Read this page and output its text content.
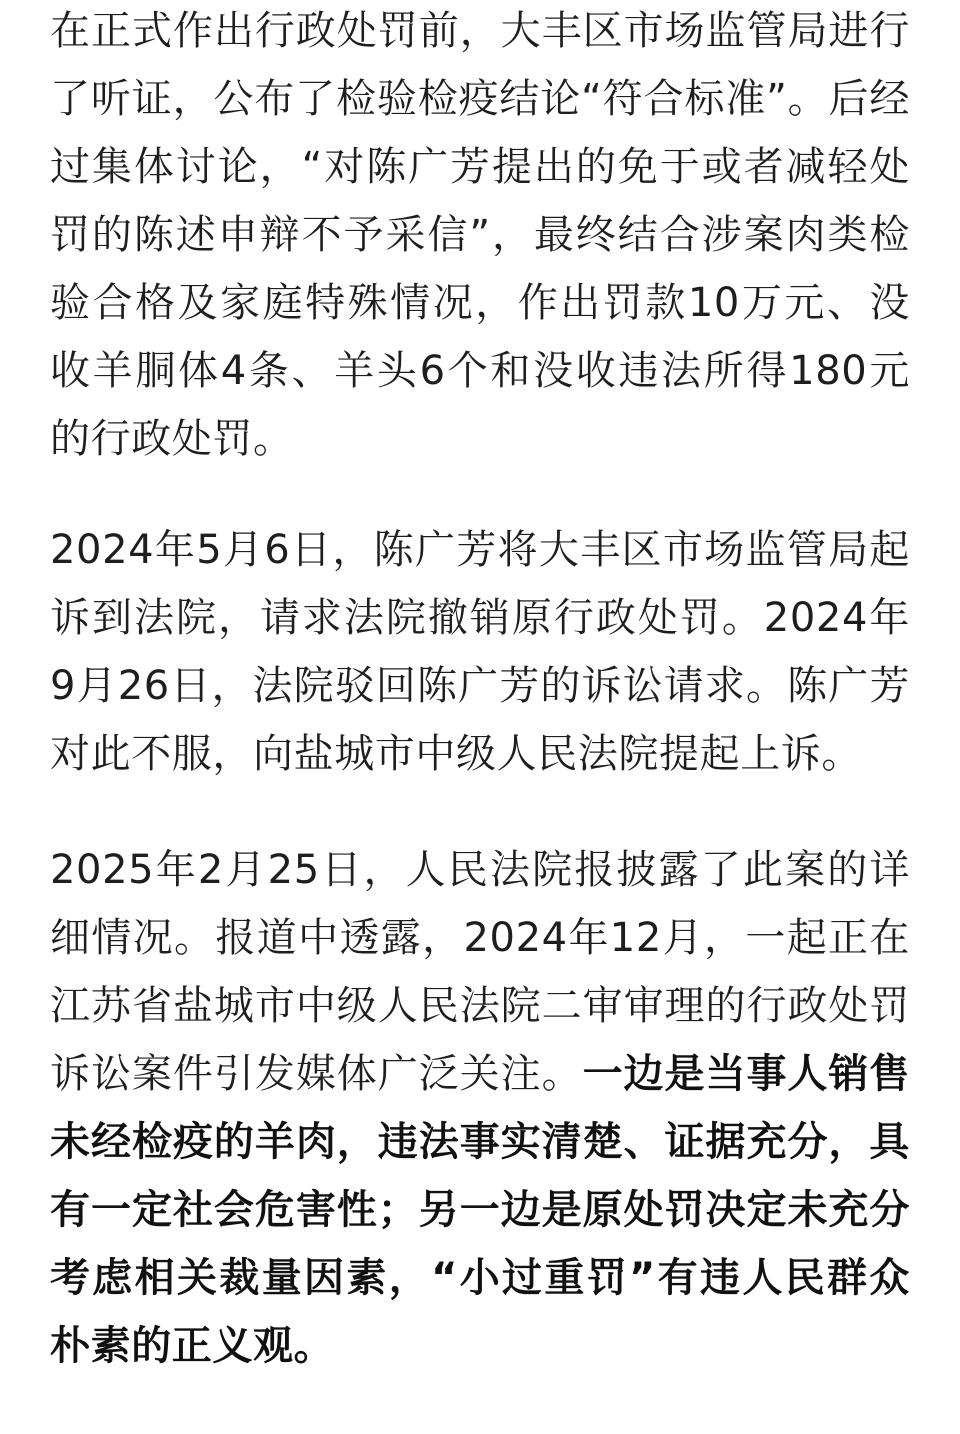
在正式作出行政处罚前，大丰区市场监管局进行了听证，公布了检验检疫结论“符合标准”。后经过集体讨论，“对陈广芳提出的免于或者减轻处罚的陈述申辩不予采信”，最终结合涉案肉类检验合格及家庭特殊情况，作出罚款10万元、没收羊胴体4条、羊头6个和没收违法所得180元的行政处罚。

2024年5月6日，陈广芳将大丰区市场监管局起诉到法院，请求法院撤销原行政处罚。2024年9月26日，法院驳回陈广芳的诉讼请求。陈广芳对此不服，向盐城市中级人民法院提起上诉。

2025年2月25日，人民法院报披露了此案的详细情况。报道中透露，2024年12月，一起正在江苏省盐城市中级人民法院二审审理的行政处罚诉讼案件引发媒体广泛关注。一边是当事人销售未经检疫的羊肉，违法事实清楚、证据充分，具有一定社会危害性；另一边是原处罚决定未充分考虑相关裁量因素，“小过重罚”有违人民群众朴素的正义观。
